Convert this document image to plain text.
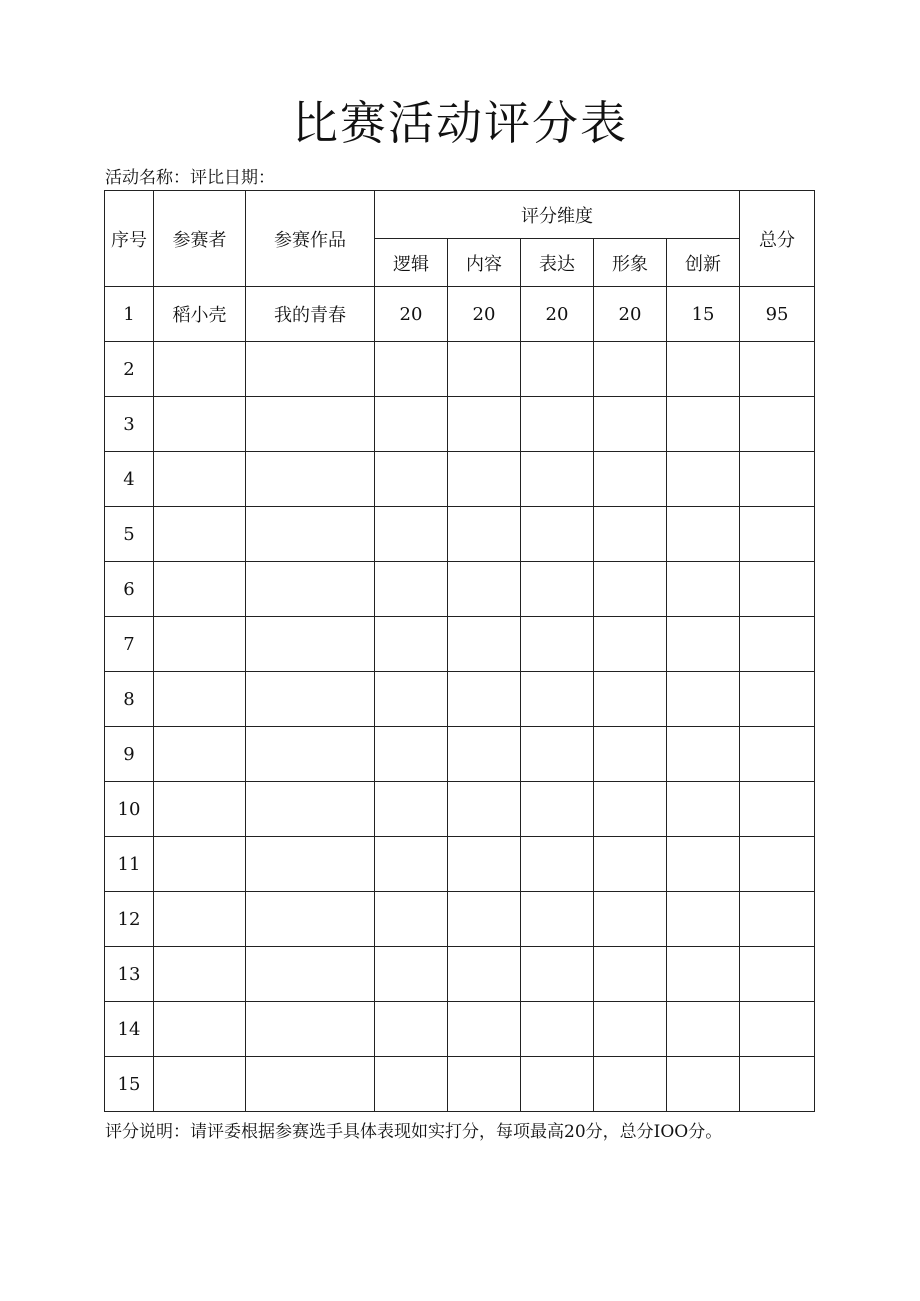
比赛活动评分表
活动名称：评比日期：
序号	参赛者	参赛作品	评分维度					总分
			逻辑	内容	表达	形象	创新	
1	稻小壳	我的青春	20	20	20	20	15	95
2								
3								
4								
5								
6								
7								
8								
9								
10								
11								
12								
13								
14								
15								
评分说明：请评委根据参赛选手具体表现如实打分，每项最高20分，总分IOO分。
